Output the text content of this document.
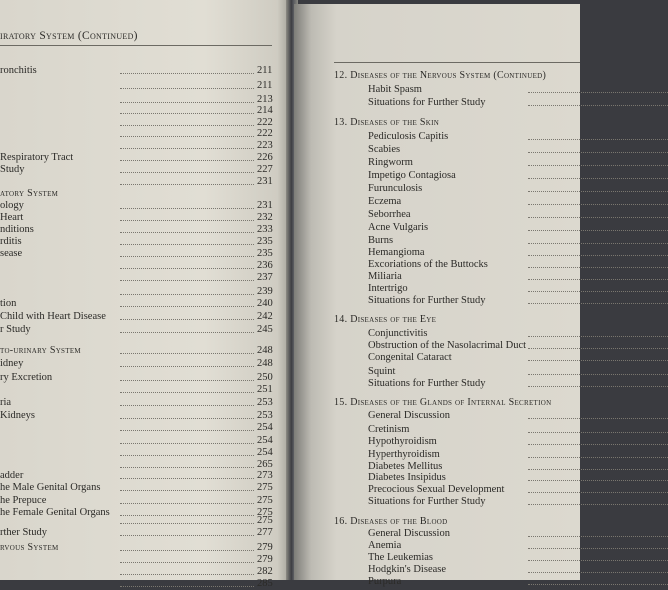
iratory System (Continued)
ronchitis	211
211
213
214
222
222
223
Respiratory Tract	226
Study	227
231
atory System
ology	231
Heart	232
nditions	233
rditis	235
sease	235
236
237
239
tion	240
Child with Heart Disease	242
r Study	245
to-urinary System	248
idney	248
ry Excretion	250
251
ria	253
Kidneys	253
254
254
254
265
adder	273
he Male Genital Organs	275
he Prepuce	275
he Female Genital Organs	275
275
rther Study	277
rvous System	279
279
282
285
12. Diseases of the Nervous System (Continued)
Habit Spasm
Situations for Further Study
13. Diseases of the Skin
Pediculosis Capitis
Scabies
Ringworm
Impetigo Contagiosa
Furunculosis
Eczema
Seborrhea
Acne Vulgaris
Burns
Hemangioma
Excoriations of the Buttocks
Miliaria
Intertrigo
Situations for Further Study
14. Diseases of the Eye
Conjunctivitis
Obstruction of the Nasolacrimal Duct
Congenital Cataract
Squint
Situations for Further Study
15. Diseases of the Glands of Internal Secretion
General Discussion
Cretinism
Hypothyroidism
Hyperthyroidism
Diabetes Mellitus
Diabetes Insipidus
Precocious Sexual Development
Situations for Further Study
16. Diseases of the Blood
General Discussion
Anemia
The Leukemias
Hodgkin's Disease
Purpura
